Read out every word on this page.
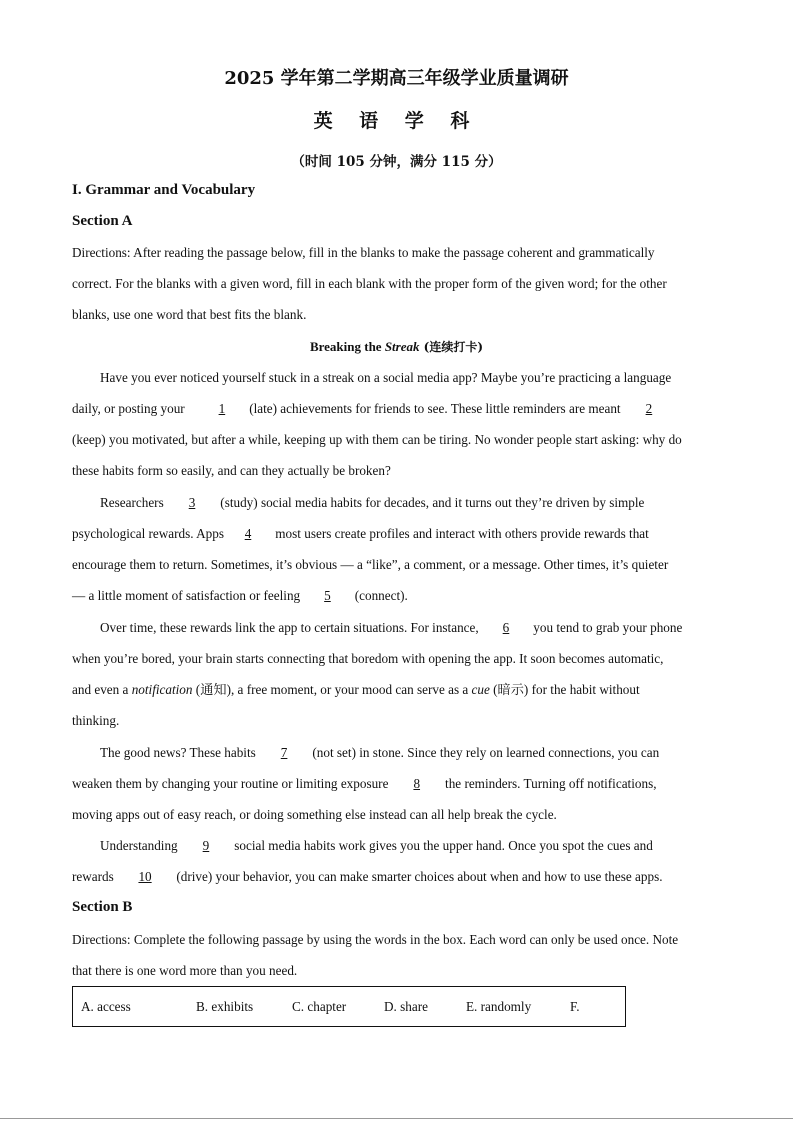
2025 学年第二学期高三年级学业质量调研
英 语 学 科
（时间 105 分钟，满分 115 分）
I. Grammar and Vocabulary
Section A
Directions: After reading the passage below, fill in the blanks to make the passage coherent and grammatically
correct. For the blanks with a given word, fill in each blank with the proper form of the given word; for the other
blanks, use one word that best fits the blank.
Breaking the Streak (连续打卡)
Have you ever noticed yourself stuck in a streak on a social media app? Maybe you’re practicing a language
daily, or posting your    1 (late) achievements for friends to see. These little reminders are meant 2
(keep) you motivated, but after a while, keeping up with them can be tiring. No wonder people start asking: why do
these habits form so easily, and can they actually be broken?
Researchers 3 (study) social media habits for decades, and it turns out they’re driven by simple
psychological rewards. Apps 4 most users create profiles and interact with others provide rewards that
encourage them to return. Sometimes, it’s obvious — a “like”, a comment, or a message. Other times, it’s quieter
— a little moment of satisfaction or feeling 5 (connect).
Over time, these rewards link the app to certain situations. For instance, 6 you tend to grab your phone
when you’re bored, your brain starts connecting that boredom with opening the app. It soon becomes automatic,
and even a notification (通知), a free moment, or your mood can serve as a cue (暗示) for the habit without
thinking.
The good news? These habits 7 (not set) in stone. Since they rely on learned connections, you can
weaken them by changing your routine or limiting exposure 8 the reminders. Turning off notifications,
moving apps out of easy reach, or doing something else instead can all help break the cycle.
Understanding 9 social media habits work gives you the upper hand. Once you spot the cues and
rewards 10 (drive) your behavior, you can make smarter choices about when and how to use these apps.
Section B
Directions: Complete the following passage by using the words in the box. Each word can only be used once. Note
that there is one word more than you need.
A. access	B. exhibits	C. chapter	D. share	E. randomly	F.
